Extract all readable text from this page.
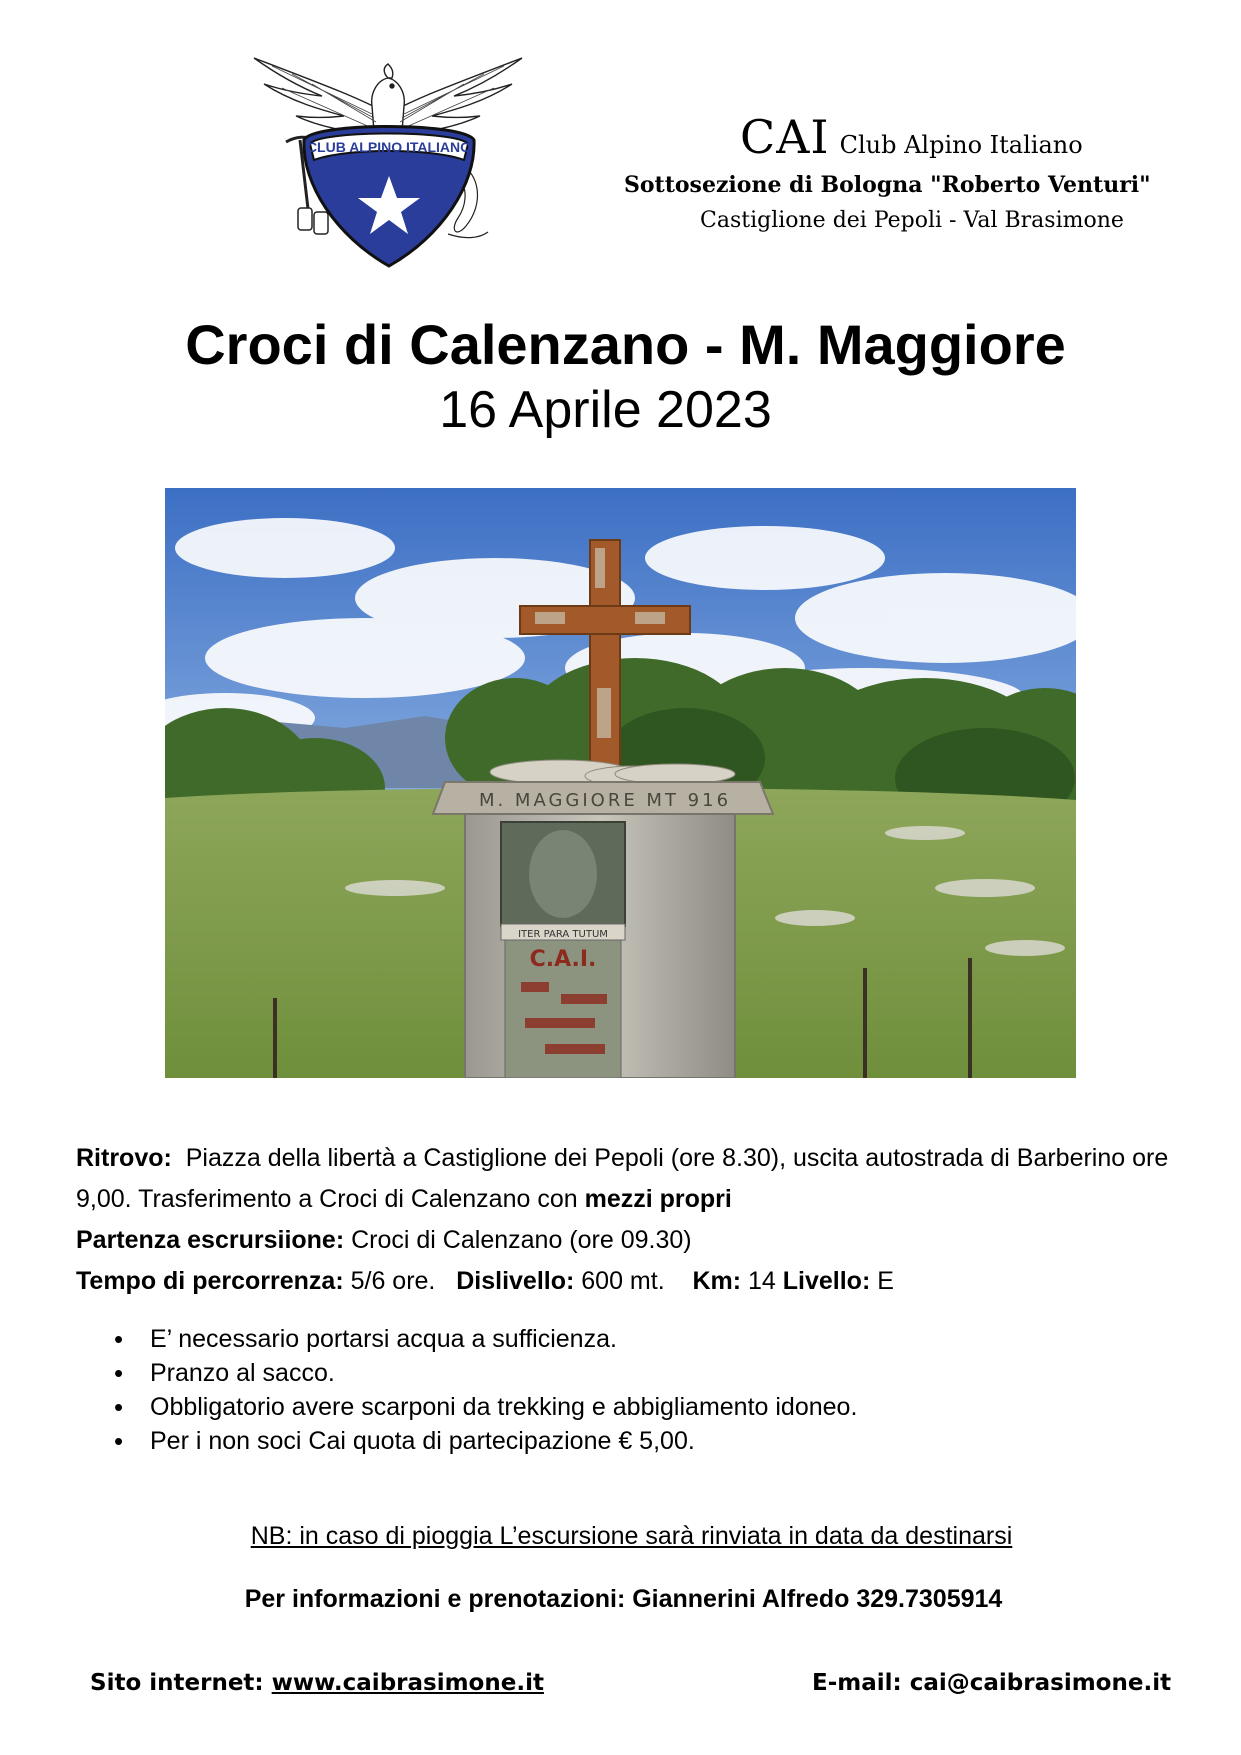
CLUB ALPINO ITALIANO	CAI Club Alpino Italiano
Sottosezione di Bologna "Roberto Venturi"
Castiglione dei Pepoli - Val Brasimone
Croci di Calenzano - M. Maggiore
16 Aprile 2023
M. MAGGIORE MT 916
ITER PARA TUTUM
C.A.I.

Ritrovo: Piazza della libertà a Castiglione dei Pepoli (ore 8.30), uscita autostrada di Barberino ore 9,00. Trasferimento a Croci di Calenzano con mezzi propri

Partenza escrursiione: Croci di Calenzano (ore 09.30)

Tempo di percorrenza: 5/6 ore. Dislivello: 600 mt. Km: 14 Livello: E

• E’ necessario portarsi acqua a sufficienza.
• Pranzo al sacco.
• Obbligatorio avere scarponi da trekking e abbigliamento idoneo.
• Per i non soci Cai quota di partecipazione € 5,00.
NB: in caso di pioggia L’escursione sarà rinviata in data da destinarsi
Per informazioni e prenotazioni: Giannerini Alfredo 329.7305914
Sito internet: www.caibrasimone.it	E-mail: cai@caibrasimone.it
